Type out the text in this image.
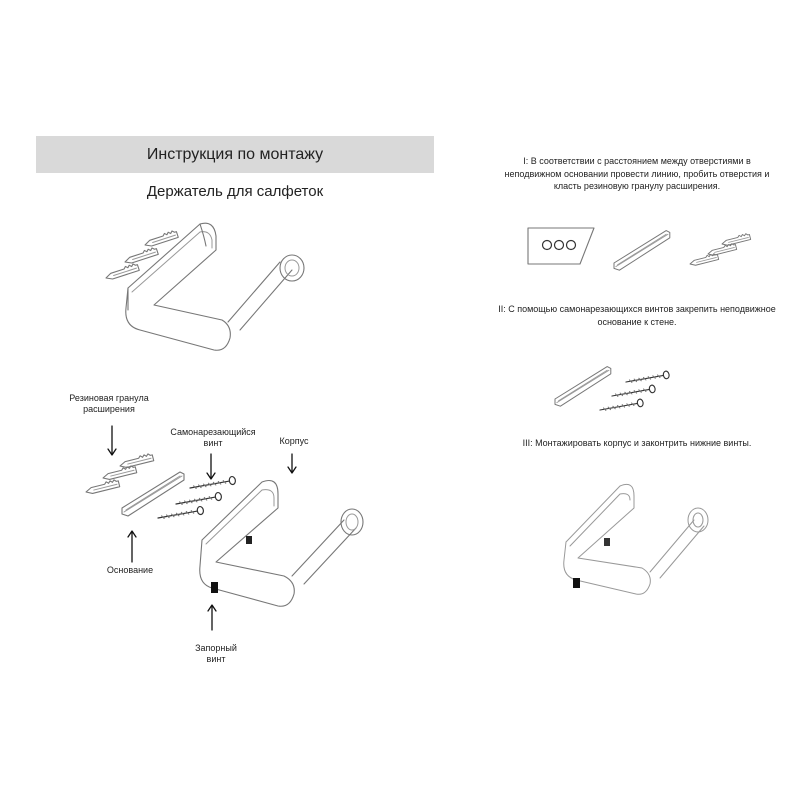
Инструкция по монтажу
Держатель для салфеток
Резиновая гранула расширения
Самонарезающийся винт	Корпус
Основание
Запорный винт
I: В соответствии с расстоянием между отверстиями в неподвижном основании провести линию, пробить отверстия и класть резиновую гранулу расширения.
II: С помощью самонарезающихся винтов закрепить неподвижное основание к стене.
III: Монтажировать корпус и законтрить нижние винты.
